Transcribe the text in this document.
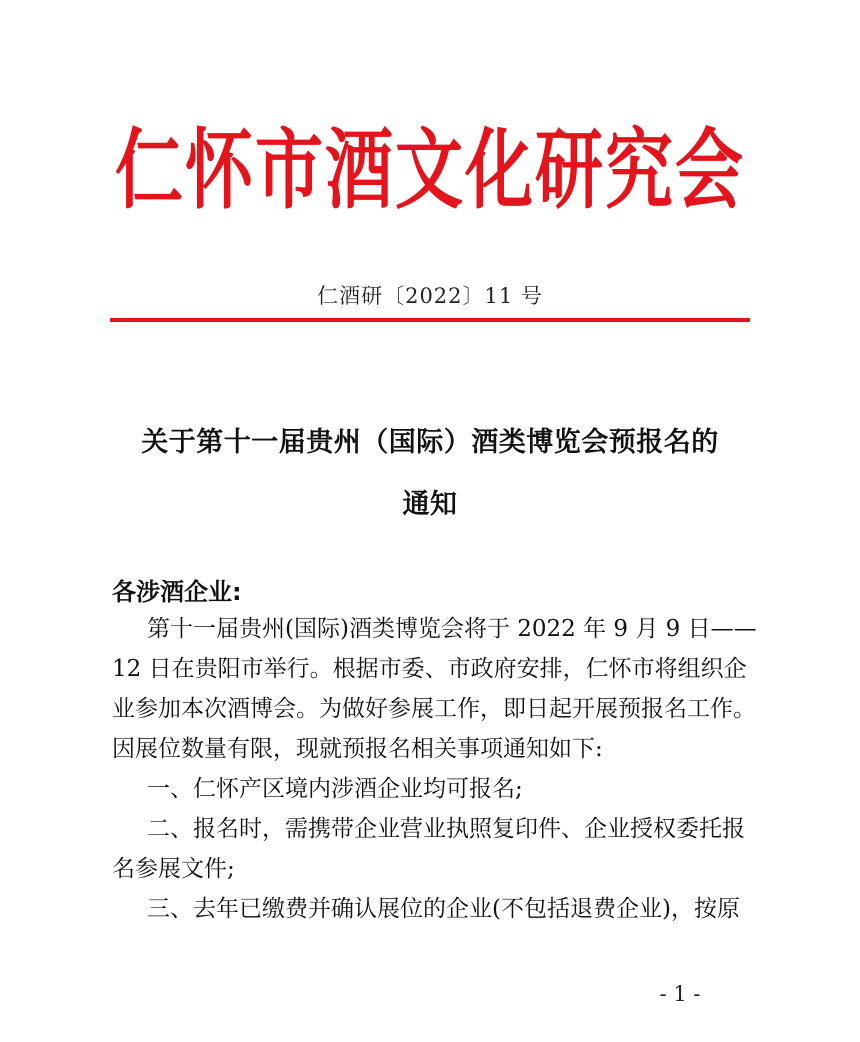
仁怀市酒文化研究会
仁酒研〔2022〕11 号
关于第十一届贵州（国际）酒类博览会预报名的
通知
各涉酒企业:
第十一届贵州(国际)酒类博览会将于 2022 年 9 月 9 日——
12 日在贵阳市举行。根据市委、市政府安排，仁怀市将组织企
业参加本次酒博会。为做好参展工作，即日起开展预报名工作。
因展位数量有限，现就预报名相关事项通知如下:
一、仁怀产区境内涉酒企业均可报名;
二、报名时，需携带企业营业执照复印件、企业授权委托报
名参展文件;
三、去年已缴费并确认展位的企业(不包括退费企业)，按原
- 1 -
